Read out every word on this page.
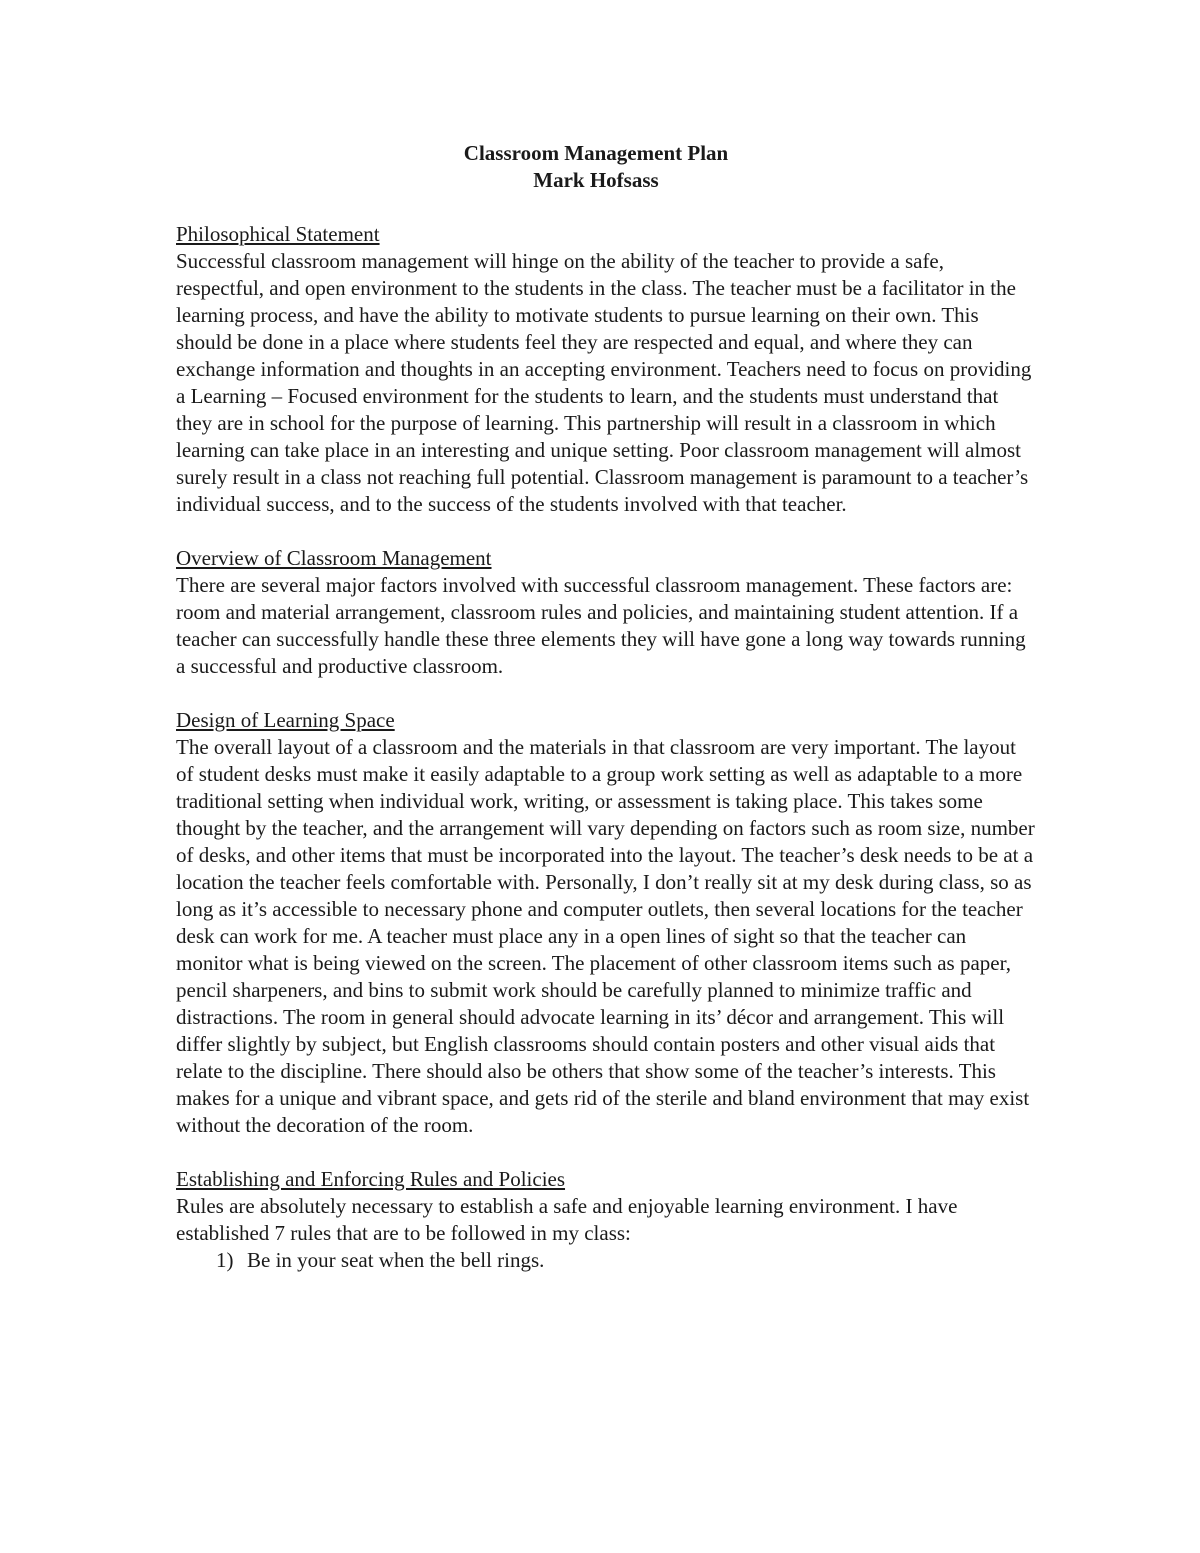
Classroom Management Plan
Mark Hofsass
Philosophical Statement

Successful classroom management will hinge on the ability of the teacher to provide a safe, respectful, and open environment to the students in the class. The teacher must be a facilitator in the learning process, and have the ability to motivate students to pursue learning on their own. This should be done in a place where students feel they are respected and equal, and where they can exchange information and thoughts in an accepting environment. Teachers need to focus on providing a Learning – Focused environment for the students to learn, and the students must understand that they are in school for the purpose of learning. This partnership will result in a classroom in which learning can take place in an interesting and unique setting. Poor classroom management will almost surely result in a class not reaching full potential. Classroom management is paramount to a teacher’s individual success, and to the success of the students involved with that teacher.

Overview of Classroom Management

There are several major factors involved with successful classroom management. These factors are: room and material arrangement, classroom rules and policies, and maintaining student attention. If a teacher can successfully handle these three elements they will have gone a long way towards running a successful and productive classroom.

Design of Learning Space

The overall layout of a classroom and the materials in that classroom are very important. The layout of student desks must make it easily adaptable to a group work setting as well as adaptable to a more traditional setting when individual work, writing, or assessment is taking place. This takes some thought by the teacher, and the arrangement will vary depending on factors such as room size, number of desks, and other items that must be incorporated into the layout. The teacher’s desk needs to be at a location the teacher feels comfortable with. Personally, I don’t really sit at my desk during class, so as long as it’s accessible to necessary phone and computer outlets, then several locations for the teacher desk can work for me. A teacher must place any in a open lines of sight so that the teacher can monitor what is being viewed on the screen. The placement of other classroom items such as paper, pencil sharpeners, and bins to submit work should be carefully planned to minimize traffic and distractions. The room in general should advocate learning in its’ décor and arrangement. This will differ slightly by subject, but English classrooms should contain posters and other visual aids that relate to the discipline. There should also be others that show some of the teacher’s interests. This makes for a unique and vibrant space, and gets rid of the sterile and bland environment that may exist without the decoration of the room.

Establishing and Enforcing Rules and Policies

Rules are absolutely necessary to establish a safe and enjoyable learning environment. I have established 7 rules that are to be followed in my class:

1) Be in your seat when the bell rings.
